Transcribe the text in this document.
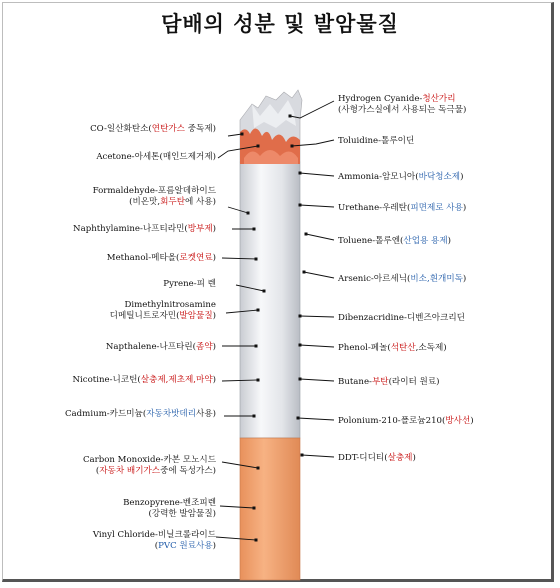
담배의 성분 및 발암물질
CO-일산화탄소(연탄가스 중독제)
Acetone-아세톤(매인드제거제)
Formaldehyde-포름알데하이드
(비온맛,회두탄에 사용)
Naphthylamine-나프티라민(방부제)
Methanol-메타올(로켓연료)
Pyrene-피 렌
Dimethylnitrosamine
디메틸니트로자민(발암물질)
Napthalene-나프타린(좀약)
Nicotine-니코틴(살충제,제초제,마약)
Cadmium-카드미늄(자동차밧데리사용)
Carbon Monoxide-카본 모노시드
(자동차 배기가스중에 독성가스)
Benzopyrene-벤조피렌
(강력한 발암물질)
Vinyl Chloride-비닐크롤라이드
(PVC 원료사용)
Hydrogen Cyanide-청산가리
(사형가스실에서 사용되는 독극물)
Toluidine-톨루이딘
Ammonia-암모니아(바닥청소제)
Urethane-우레탄(피면제로 사용)
Toluene-톨루엔(산업용 용제)
Arsenic-아르세닉(비소,흰개미독)
Dibenzacridine-디벤즈아크리딘
Phenol-페놀(석탄산,소독제)
Butane-부탄(라이터 원료)
Polonium-210-폴로늄210(방사선)
DDT-디디티(살충제)
